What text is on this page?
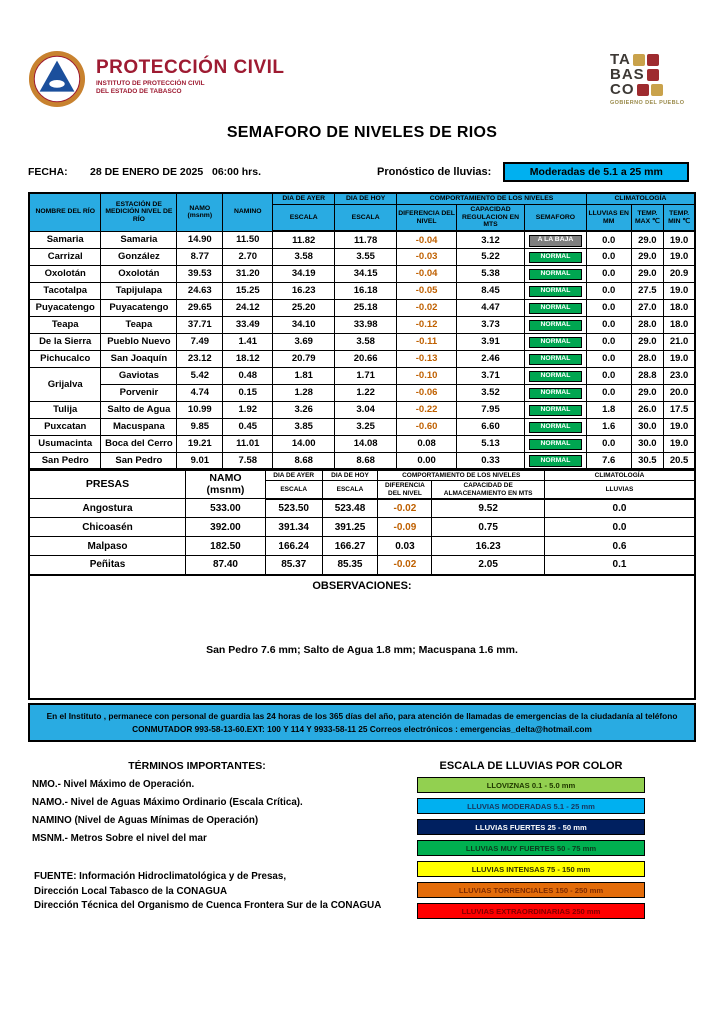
PROTECCIÓN CIVIL
INSTITUTO DE PROTECCIÓN CIVIL
DEL ESTADO DE TABASCO
TA
BAS
CO
GOBIERNO DEL PUEBLO
SEMAFORO DE NIVELES DE RIOS
FECHA:	28 DE ENERO DE 2025 06:00 hrs.	Pronóstico de lluvias:	Moderadas de 5.1 a 25 mm
NOMBRE DEL RÍO	ESTACIÓN DE MEDICIÓN NIVEL DE RÍO	NAMO
(msnm)	NAMINO	DIA DE AYER	DIA DE HOY	COMPORTAMIENTO DE LOS NIVELES			CLIMATOLOGÍA		
				ESCALA	ESCALA	DIFERENCIA DEL NIVEL	CAPACIDAD REGULACION EN MTS	SEMAFORO	LLUVIAS EN MM	TEMP. MAX ℃	TEMP. MIN ℃
Samaria	Samaria	14.90	11.50	11.82	11.78	-0.04	3.12	A LA BAJA	0.0	29.0	19.0
Carrizal	González	8.77	2.70	3.58	3.55	-0.03	5.22	NORMAL	0.0	29.0	19.0
Oxolotán	Oxolotán	39.53	31.20	34.19	34.15	-0.04	5.38	NORMAL	0.0	29.0	20.9
Tacotalpa	Tapijulapa	24.63	15.25	16.23	16.18	-0.05	8.45	NORMAL	0.0	27.5	19.0
Puyacatengo	Puyacatengo	29.65	24.12	25.20	25.18	-0.02	4.47	NORMAL	0.0	27.0	18.0
Teapa	Teapa	37.71	33.49	34.10	33.98	-0.12	3.73	NORMAL	0.0	28.0	18.0
De la Sierra	Pueblo Nuevo	7.49	1.41	3.69	3.58	-0.11	3.91	NORMAL	0.0	29.0	21.0
Pichucalco	San Joaquín	23.12	18.12	20.79	20.66	-0.13	2.46	NORMAL	0.0	28.0	19.0
Grijalva	Gaviotas	5.42	0.48	1.81	1.71	-0.10	3.71	NORMAL	0.0	28.8	23.0
	Porvenir	4.74	0.15	1.28	1.22	-0.06	3.52	NORMAL	0.0	29.0	20.0
Tulija	Salto de Agua	10.99	1.92	3.26	3.04	-0.22	7.95	NORMAL	1.8	26.0	17.5
Puxcatan	Macuspana	9.85	0.45	3.85	3.25	-0.60	6.60	NORMAL	1.6	30.0	19.0
Usumacinta	Boca del Cerro	19.21	11.01	14.00	14.08	0.08	5.13	NORMAL	0.0	30.0	19.0
San Pedro	San Pedro	9.01	7.58	8.68	8.68	0.00	0.33	NORMAL	7.6	30.5	20.5
PRESAS	NAMO
(msnm)	DIA DE AYER	DIA DE HOY	COMPORTAMIENTO DE LOS NIVELES		CLIMATOLOGÍA
		ESCALA	ESCALA	DIFERENCIA DEL NIVEL	CAPACIDAD DE ALMACENAMIENTO EN MTS	LLUVIAS
Angostura	533.00	523.50	523.48	-0.02	9.52	0.0
Chicoasén	392.00	391.34	391.25	-0.09	0.75	0.0
Malpaso	182.50	166.24	166.27	0.03	16.23	0.6
Peñitas	87.40	85.37	85.35	-0.02	2.05	0.1
OBSERVACIONES:
San Pedro 7.6 mm; Salto de Agua 1.8 mm; Macuspana 1.6 mm.
En el Instituto , permanece con personal de guardia las 24 horas de los 365 días del año, para atención de llamadas de emergencias de la ciudadanía al teléfono
CONMUTADOR 993-58-13-60.EXT: 100 Y 114 Y 9933-58-11 25 Correos electrónicos : emergencias_delta@hotmail.com
TÉRMINOS IMPORTANTES:
NMO.- Nivel Máximo de Operación.
NAMO.- Nivel de Aguas Máximo Ordinario (Escala Crítica).
NAMINO (Nivel de Aguas Mínimas de Operación)
MSNM.- Metros Sobre el nivel del mar
FUENTE: Información Hidroclimatológica y de Presas,
Dirección Local Tabasco de la CONAGUA
Dirección Técnica del Organismo de Cuenca Frontera Sur de la CONAGUA
ESCALA DE LLUVIAS POR COLOR
LLOVIZNAS 0.1 - 5.0 mm
LLUVIAS MODERADAS 5.1 - 25 mm
LLUVIAS FUERTES 25 - 50 mm
LLUVIAS MUY FUERTES 50 - 75 mm
LLUVIAS INTENSAS 75 - 150 mm
LLUVIAS TORRENCIALES 150 - 250 mm
LLUVIAS EXTRAORDINARIAS 250 mm
